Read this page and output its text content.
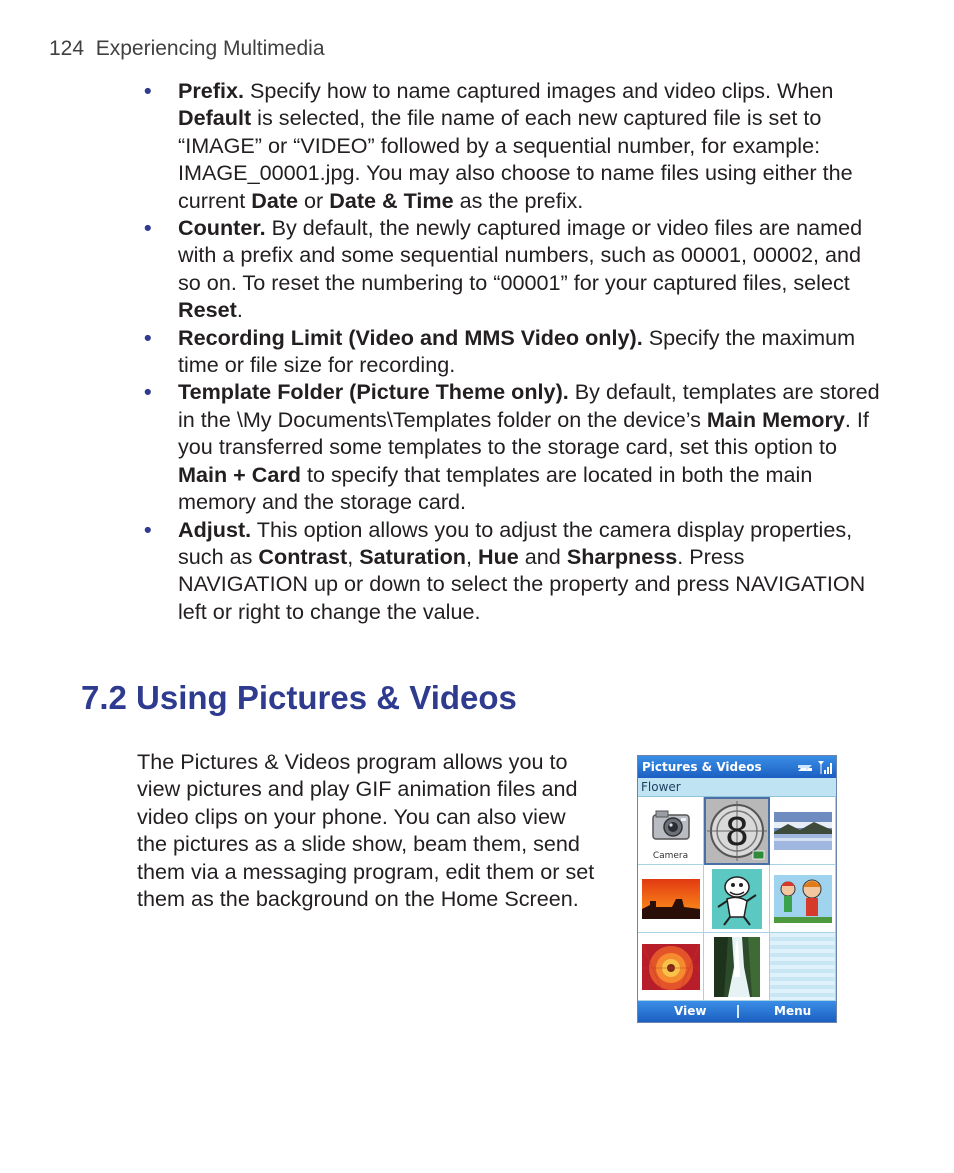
124 Experiencing Multimedia
• Prefix. Specify how to name captured images and video clips. When Default is selected, the file name of each new captured file is set to “IMAGE” or “VIDEO” followed by a sequential number, for example: IMAGE_00001.jpg. You may also choose to name files using either the current Date or Date & Time as the prefix.
• Counter. By default, the newly captured image or video files are named with a prefix and some sequential numbers, such as 00001, 00002, and so on. To reset the numbering to “00001” for your captured files, select Reset.
• Recording Limit (Video and MMS Video only). Specify the maximum time or file size for recording.
• Template Folder (Picture Theme only). By default, templates are stored in the \My Documents\Templates folder on the device’s Main Memory. If you transferred some templates to the storage card, set this option to Main + Card to specify that templates are located in both the main memory and the storage card.
• Adjust. This option allows you to adjust the camera display properties, such as Contrast, Saturation, Hue and Sharpness. Press NAVIGATION up or down to select the property and press NAVIGATION left or right to change the value.
7.2 Using Pictures & Videos

The Pictures & Videos program allows you to view pictures and play GIF animation files and video clips on your phone. You can also view the pictures as a slide show, beam them, send them via a messaging program, edit them or set them as the background on the Home Screen.

Pictures & Videos
Flower
Camera
8
View	Menu
